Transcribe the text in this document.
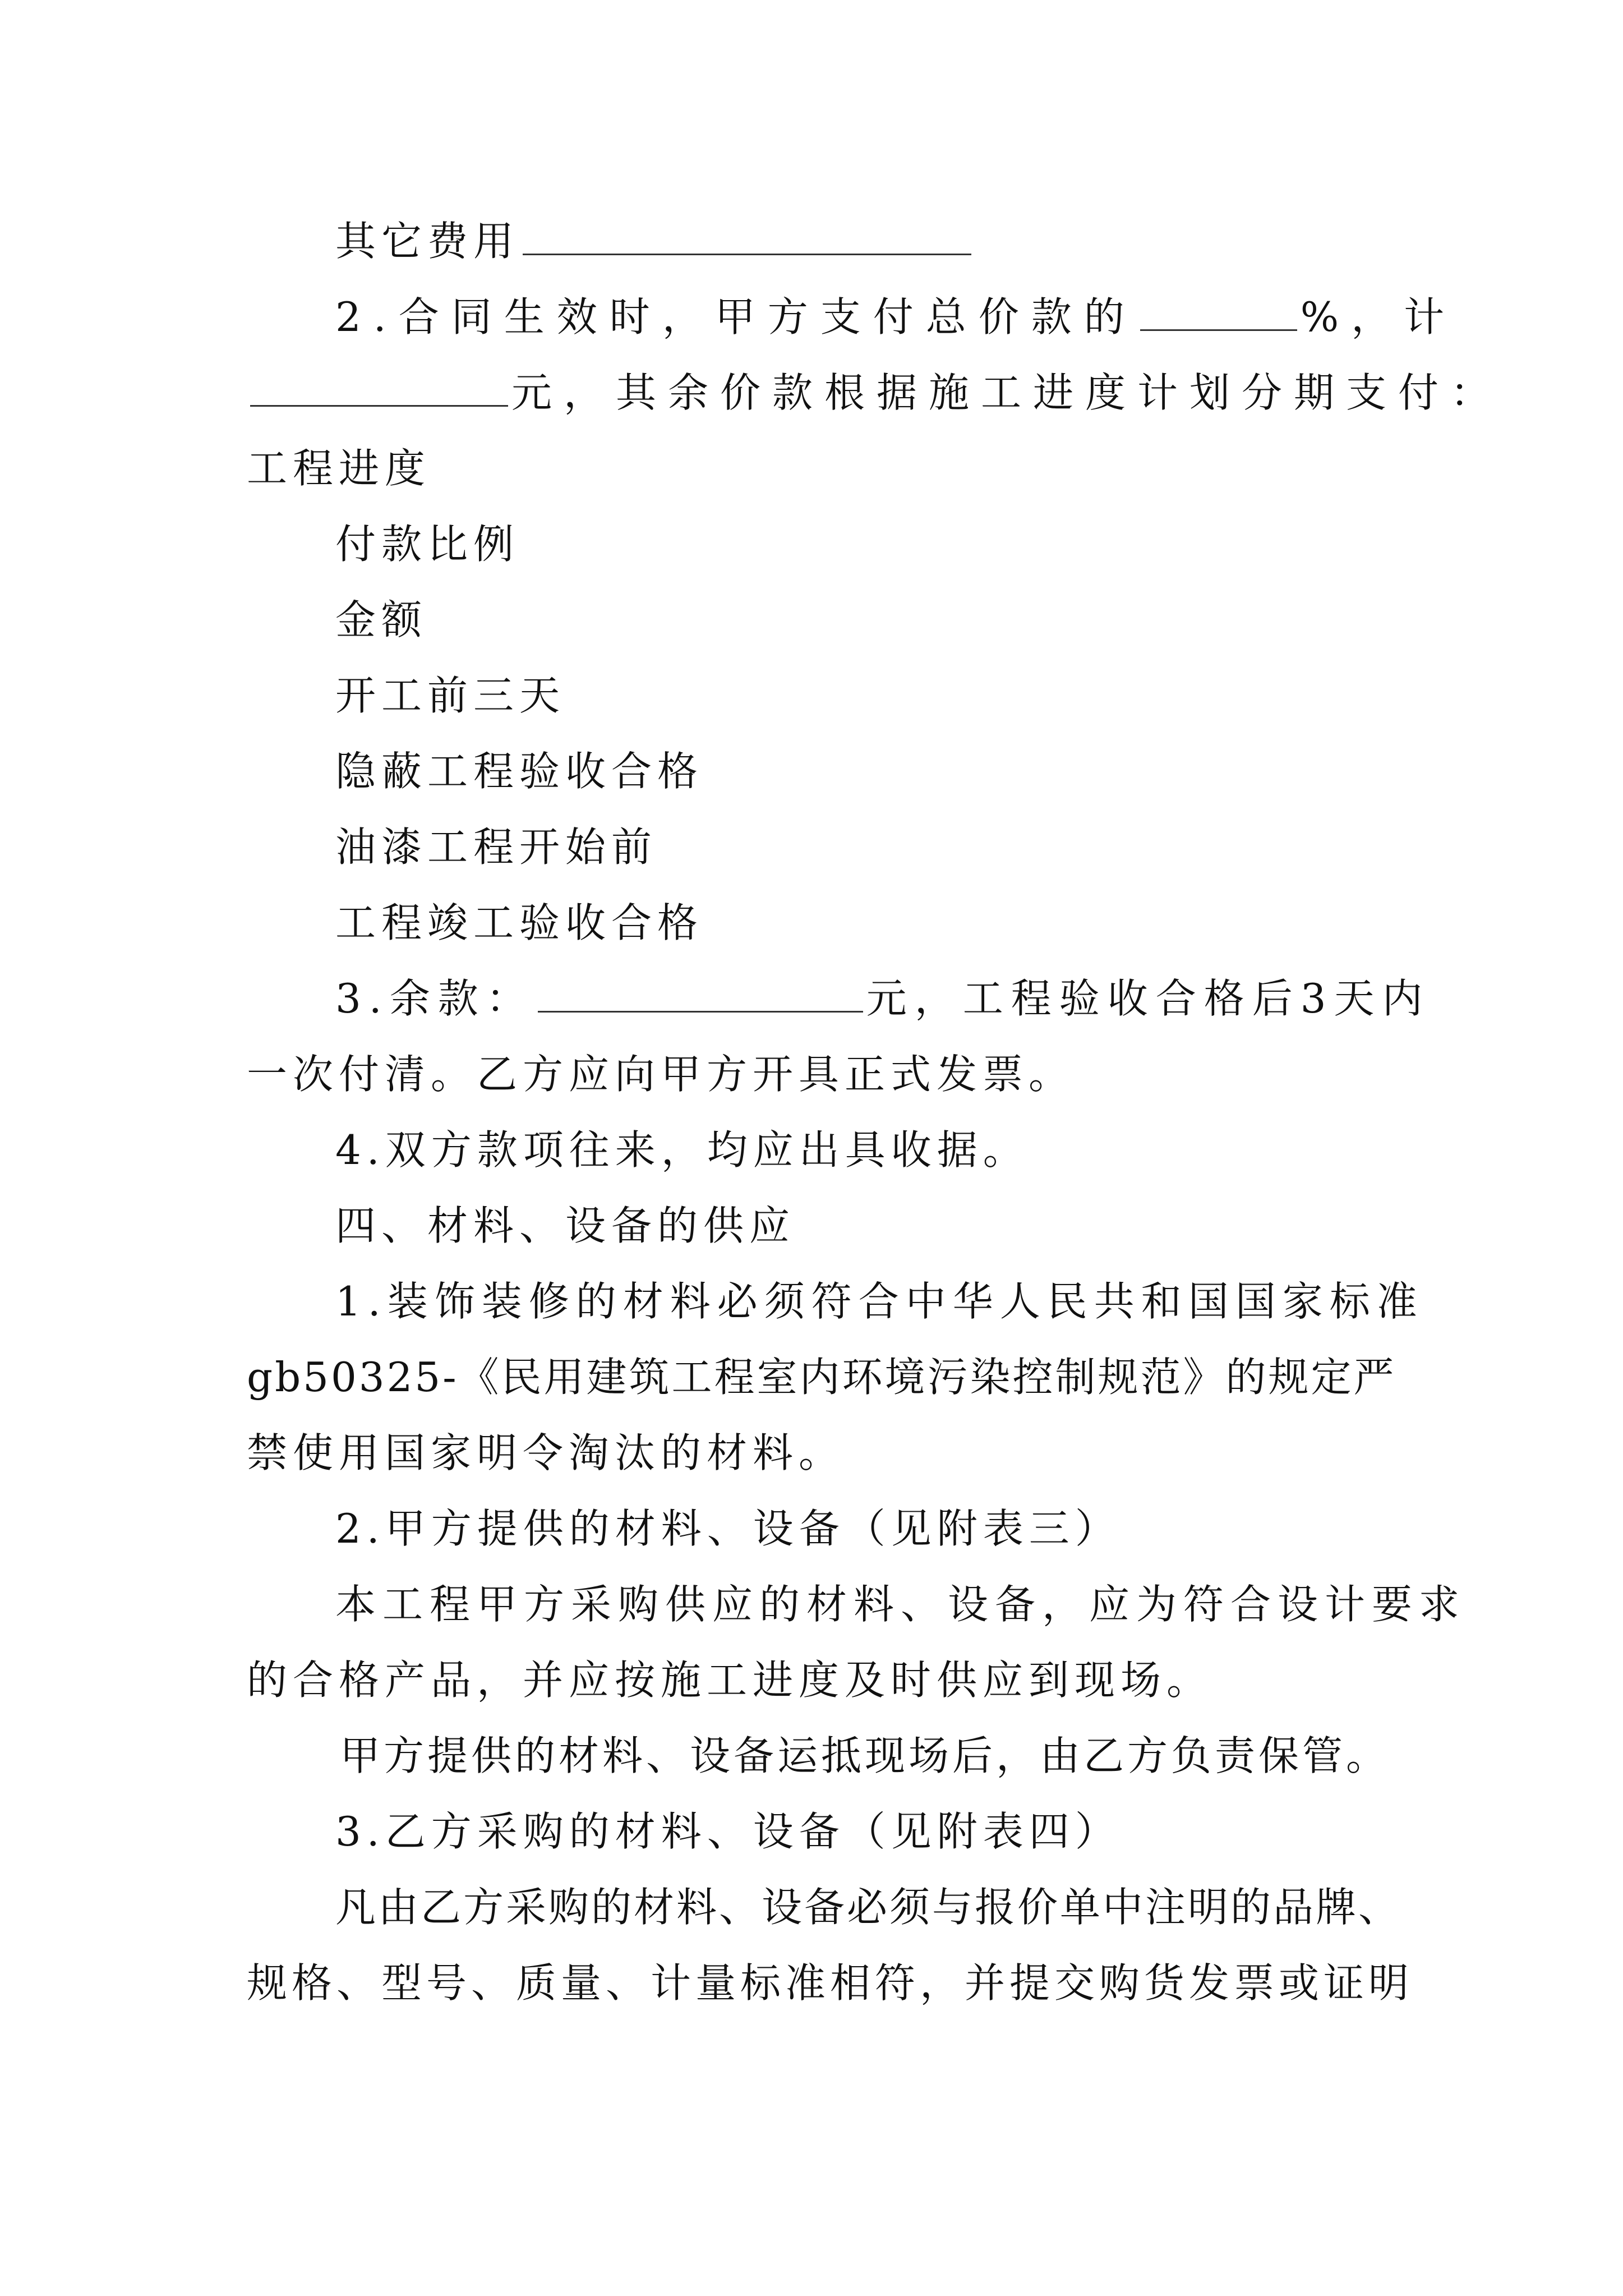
其它费用
2.合同生效时，甲方支付总价款的	%，计
元，其余价款根据施工进度计划分期支付：
工程进度
付款比例
金额
开工前三天
隐蔽工程验收合格
油漆工程开始前
工程竣工验收合格
3.余款：	元，工程验收合格后3天内
一次付清。乙方应向甲方开具正式发票。
4.双方款项往来，均应出具收据。
四、材料、设备的供应
1.装饰装修的材料必须符合中华人民共和国国家标准
gb50325-《民用建筑工程室内环境污染控制规范》的规定严
禁使用国家明令淘汰的材料。
2.甲方提供的材料、设备（见附表三）
本工程甲方采购供应的材料、设备，应为符合设计要求
的合格产品，并应按施工进度及时供应到现场。
甲方提供的材料、设备运抵现场后，由乙方负责保管。
3.乙方采购的材料、设备（见附表四）
凡由乙方采购的材料、设备必须与报价单中注明的品牌、
规格、型号、质量、计量标准相符，并提交购货发票或证明
